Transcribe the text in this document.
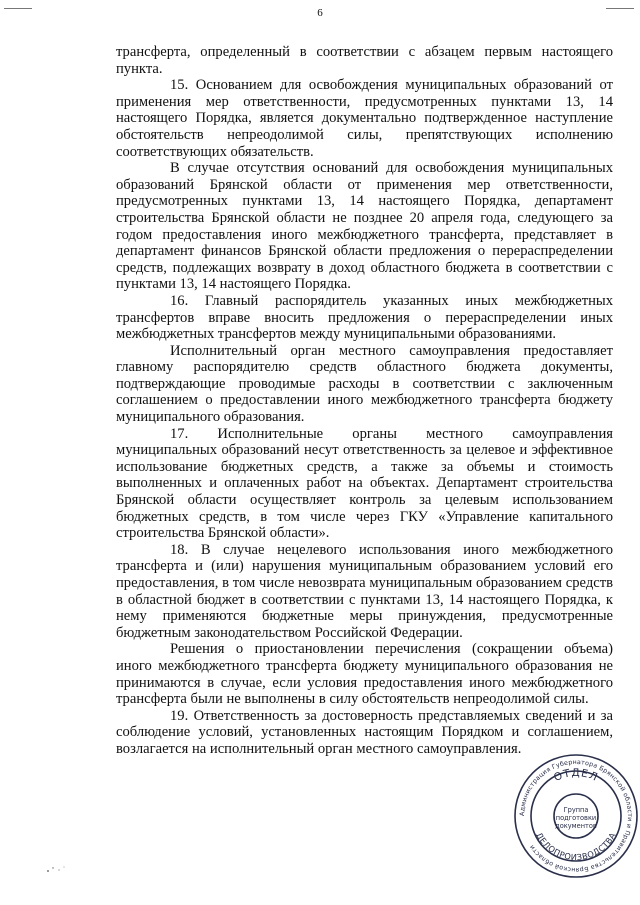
6

трансферта, определенный в соответствии с абзацем первым настоящего пункта.

15. Основанием для освобождения муниципальных образований от применения мер ответственности, предусмотренных пунктами 13, 14 настоящего Порядка, является документально подтвержденное наступление обстоятельств непреодолимой силы, препятствующих исполнению соответствующих обязательств.

В случае отсутствия оснований для освобождения муниципальных образований Брянской области от применения мер ответственности, предусмотренных пунктами 13, 14 настоящего Порядка, департамент строительства Брянской области не позднее 20 апреля года, следующего за годом предоставления иного межбюджетного трансферта, представляет в департамент финансов Брянской области предложения о перераспределении средств, подлежащих возврату в доход областного бюджета в соответствии с пунктами 13, 14 настоящего Порядка.

16. Главный распорядитель указанных иных межбюджетных трансфертов вправе вносить предложения о перераспределении иных межбюджетных трансфертов между муниципальными образованиями.

Исполнительный орган местного самоуправления предоставляет главному распорядителю средств областного бюджета документы, подтверждающие проводимые расходы в соответствии с заключенным соглашением о предоставлении иного межбюджетного трансферта бюджету муниципального образования.

17. Исполнительные органы местного самоуправления муниципальных образований несут ответственность за целевое и эффективное использование бюджетных средств, а также за объемы и стоимость выполненных и оплаченных работ на объектах. Департамент строительства Брянской области осуществляет контроль за целевым использованием бюджетных средств, в том числе через ГКУ «Управление капитального строительства Брянской области».

18. В случае нецелевого использования иного межбюджетного трансферта и (или) нарушения муниципальным образованием условий его предоставления, в том числе невозврата муниципальным образованием средств в областной бюджет в соответствии с пунктами 13, 14 настоящего Порядка, к нему применяются бюджетные меры принуждения, предусмотренные бюджетным законодательством Российской Федерации.

Решения о приостановлении перечисления (сокращении объема) иного межбюджетного трансферта бюджету муниципального образования не принимаются в случае, если условия предоставления иного межбюджетного трансферта были не выполнены в силу обстоятельств непреодолимой силы.

19. Ответственность за достоверность представляемых сведений и за соблюдение условий, установленных настоящим Порядком и соглашением, возлагается на исполнительный орган местного самоуправления.

Администрация Губернатора Брянской области и Правительства Брянской области
ОТДЕЛ
ДЕЛОПРОИЗВОДСТВА
Группа
подготовки
документов
